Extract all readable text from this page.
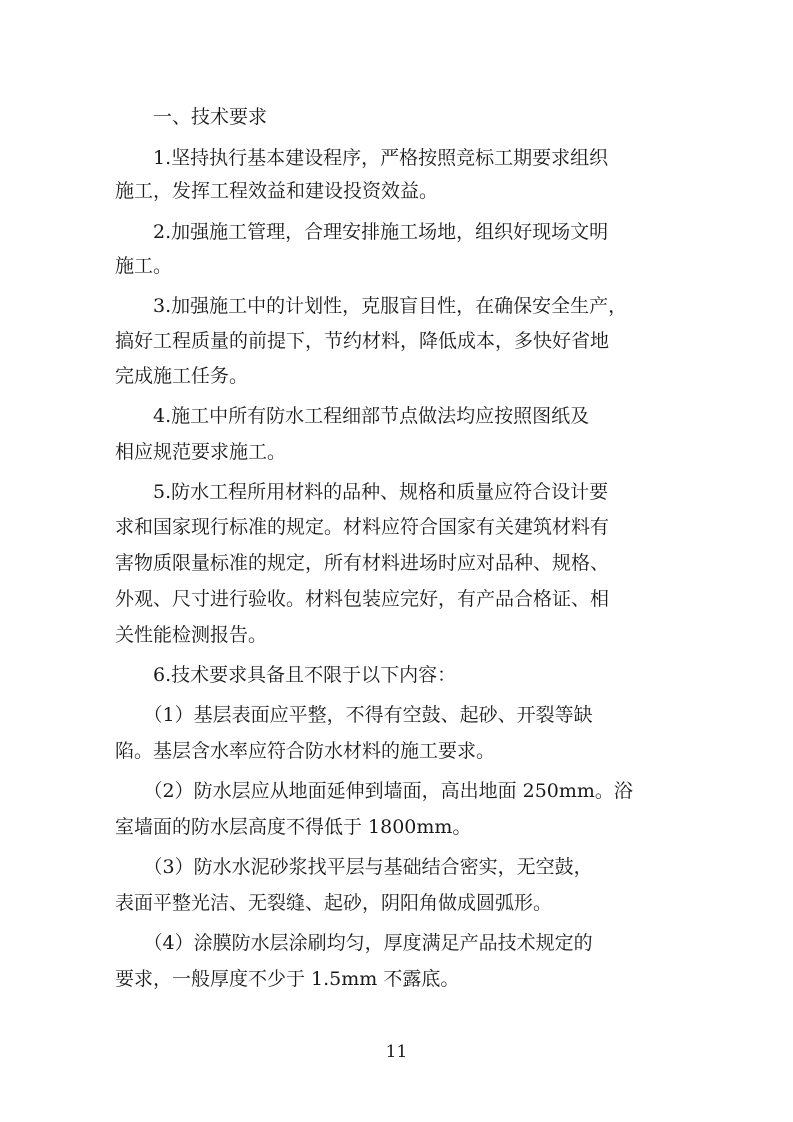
　　一、技术要求

　　1.坚持执行基本建设程序，严格按照竞标工期要求组织

施工，发挥工程效益和建设投资效益。

　　2.加强施工管理，合理安排施工场地，组织好现场文明

施工。

　　3.加强施工中的计划性，克服盲目性，在确保安全生产，

搞好工程质量的前提下，节约材料，降低成本，多快好省地

完成施工任务。

　　4.施工中所有防水工程细部节点做法均应按照图纸及

相应规范要求施工。

　　5.防水工程所用材料的品种、规格和质量应符合设计要

求和国家现行标准的规定。材料应符合国家有关建筑材料有

害物质限量标准的规定，所有材料进场时应对品种、规格、

外观、尺寸进行验收。材料包装应完好，有产品合格证、相

关性能检测报告。

　　6.技术要求具备且不限于以下内容：

　　（1）基层表面应平整，不得有空鼓、起砂、开裂等缺

陷。基层含水率应符合防水材料的施工要求。

　　（2）防水层应从地面延伸到墙面，高出地面 250mm。浴

室墙面的防水层高度不得低于 1800mm。

　　（3）防水水泥砂浆找平层与基础结合密实，无空鼓，

表面平整光洁、无裂缝、起砂，阴阳角做成圆弧形。

　　（4）涂膜防水层涂刷均匀，厚度满足产品技术规定的

要求，一般厚度不少于 1.5mm 不露底。

11
